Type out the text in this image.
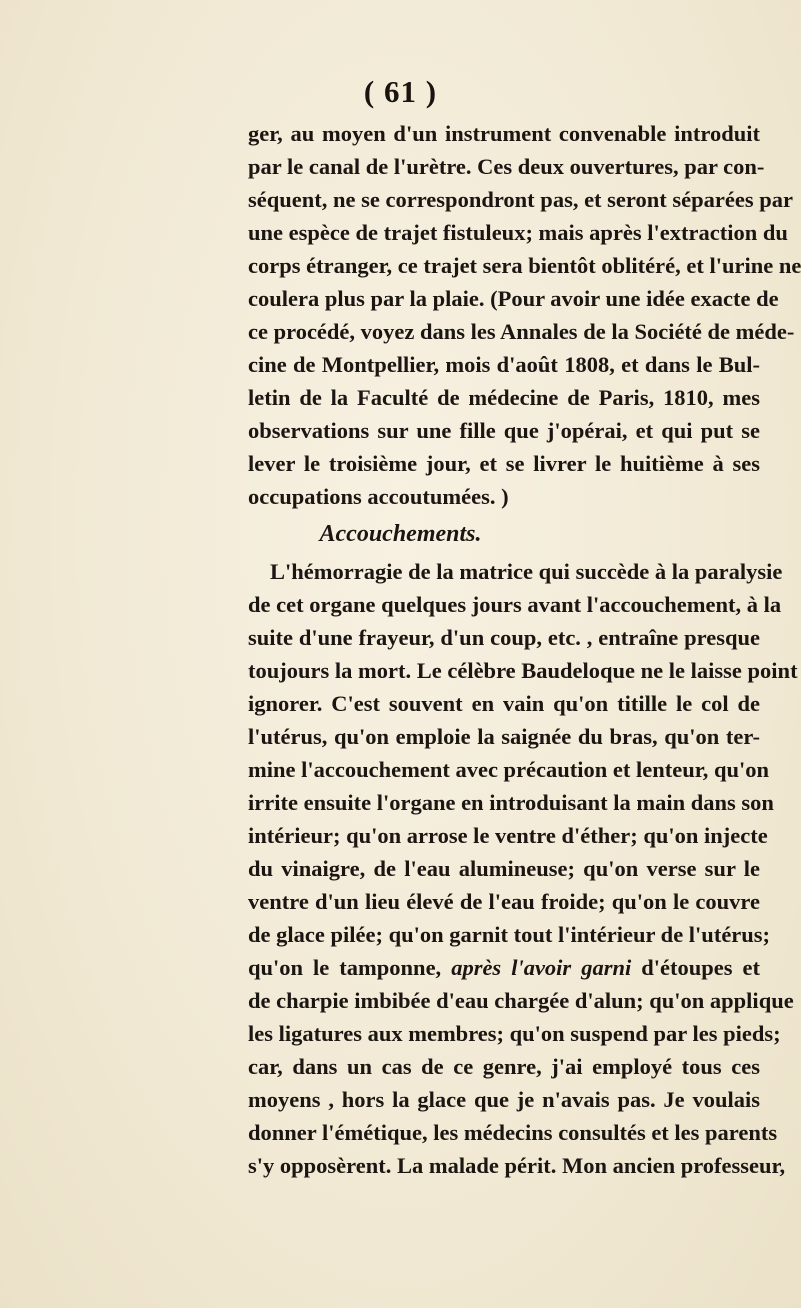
( 61 )
ger, au moyen d'un instrument convenable introduit
par le canal de l'urètre. Ces deux ouvertures, par con-
séquent, ne se correspondront pas, et seront séparées par
une espèce de trajet fistuleux; mais après l'extraction du
corps étranger, ce trajet sera bientôt oblitéré, et l'urine ne
coulera plus par la plaie. (Pour avoir une idée exacte de
ce procédé, voyez dans les Annales de la Société de méde-
cine de Montpellier, mois d'août 1808, et dans le Bul-
letin de la Faculté de médecine de Paris, 1810, mes
observations sur une fille que j'opérai, et qui put se
lever le troisième jour, et se livrer le huitième à ses
occupations accoutumées. )
Accouchements.
L'hémorragie de la matrice qui succède à la paralysie
de cet organe quelques jours avant l'accouchement, à la
suite d'une frayeur, d'un coup, etc. , entraîne presque
toujours la mort. Le célèbre Baudeloque ne le laisse point
ignorer. C'est souvent en vain qu'on titille le col de
l'utérus, qu'on emploie la saignée du bras, qu'on ter-
mine l'accouchement avec précaution et lenteur, qu'on
irrite ensuite l'organe en introduisant la main dans son
intérieur; qu'on arrose le ventre d'éther; qu'on injecte
du vinaigre, de l'eau alumineuse; qu'on verse sur le
ventre d'un lieu élevé de l'eau froide; qu'on le couvre
de glace pilée; qu'on garnit tout l'intérieur de l'utérus;
qu'on le tamponne, après l'avoir garni d'étoupes et
de charpie imbibée d'eau chargée d'alun; qu'on applique
les ligatures aux membres; qu'on suspend par les pieds;
car, dans un cas de ce genre, j'ai employé tous ces
moyens , hors la glace que je n'avais pas. Je voulais
donner l'émétique, les médecins consultés et les parents
s'y opposèrent. La malade périt. Mon ancien professeur,
